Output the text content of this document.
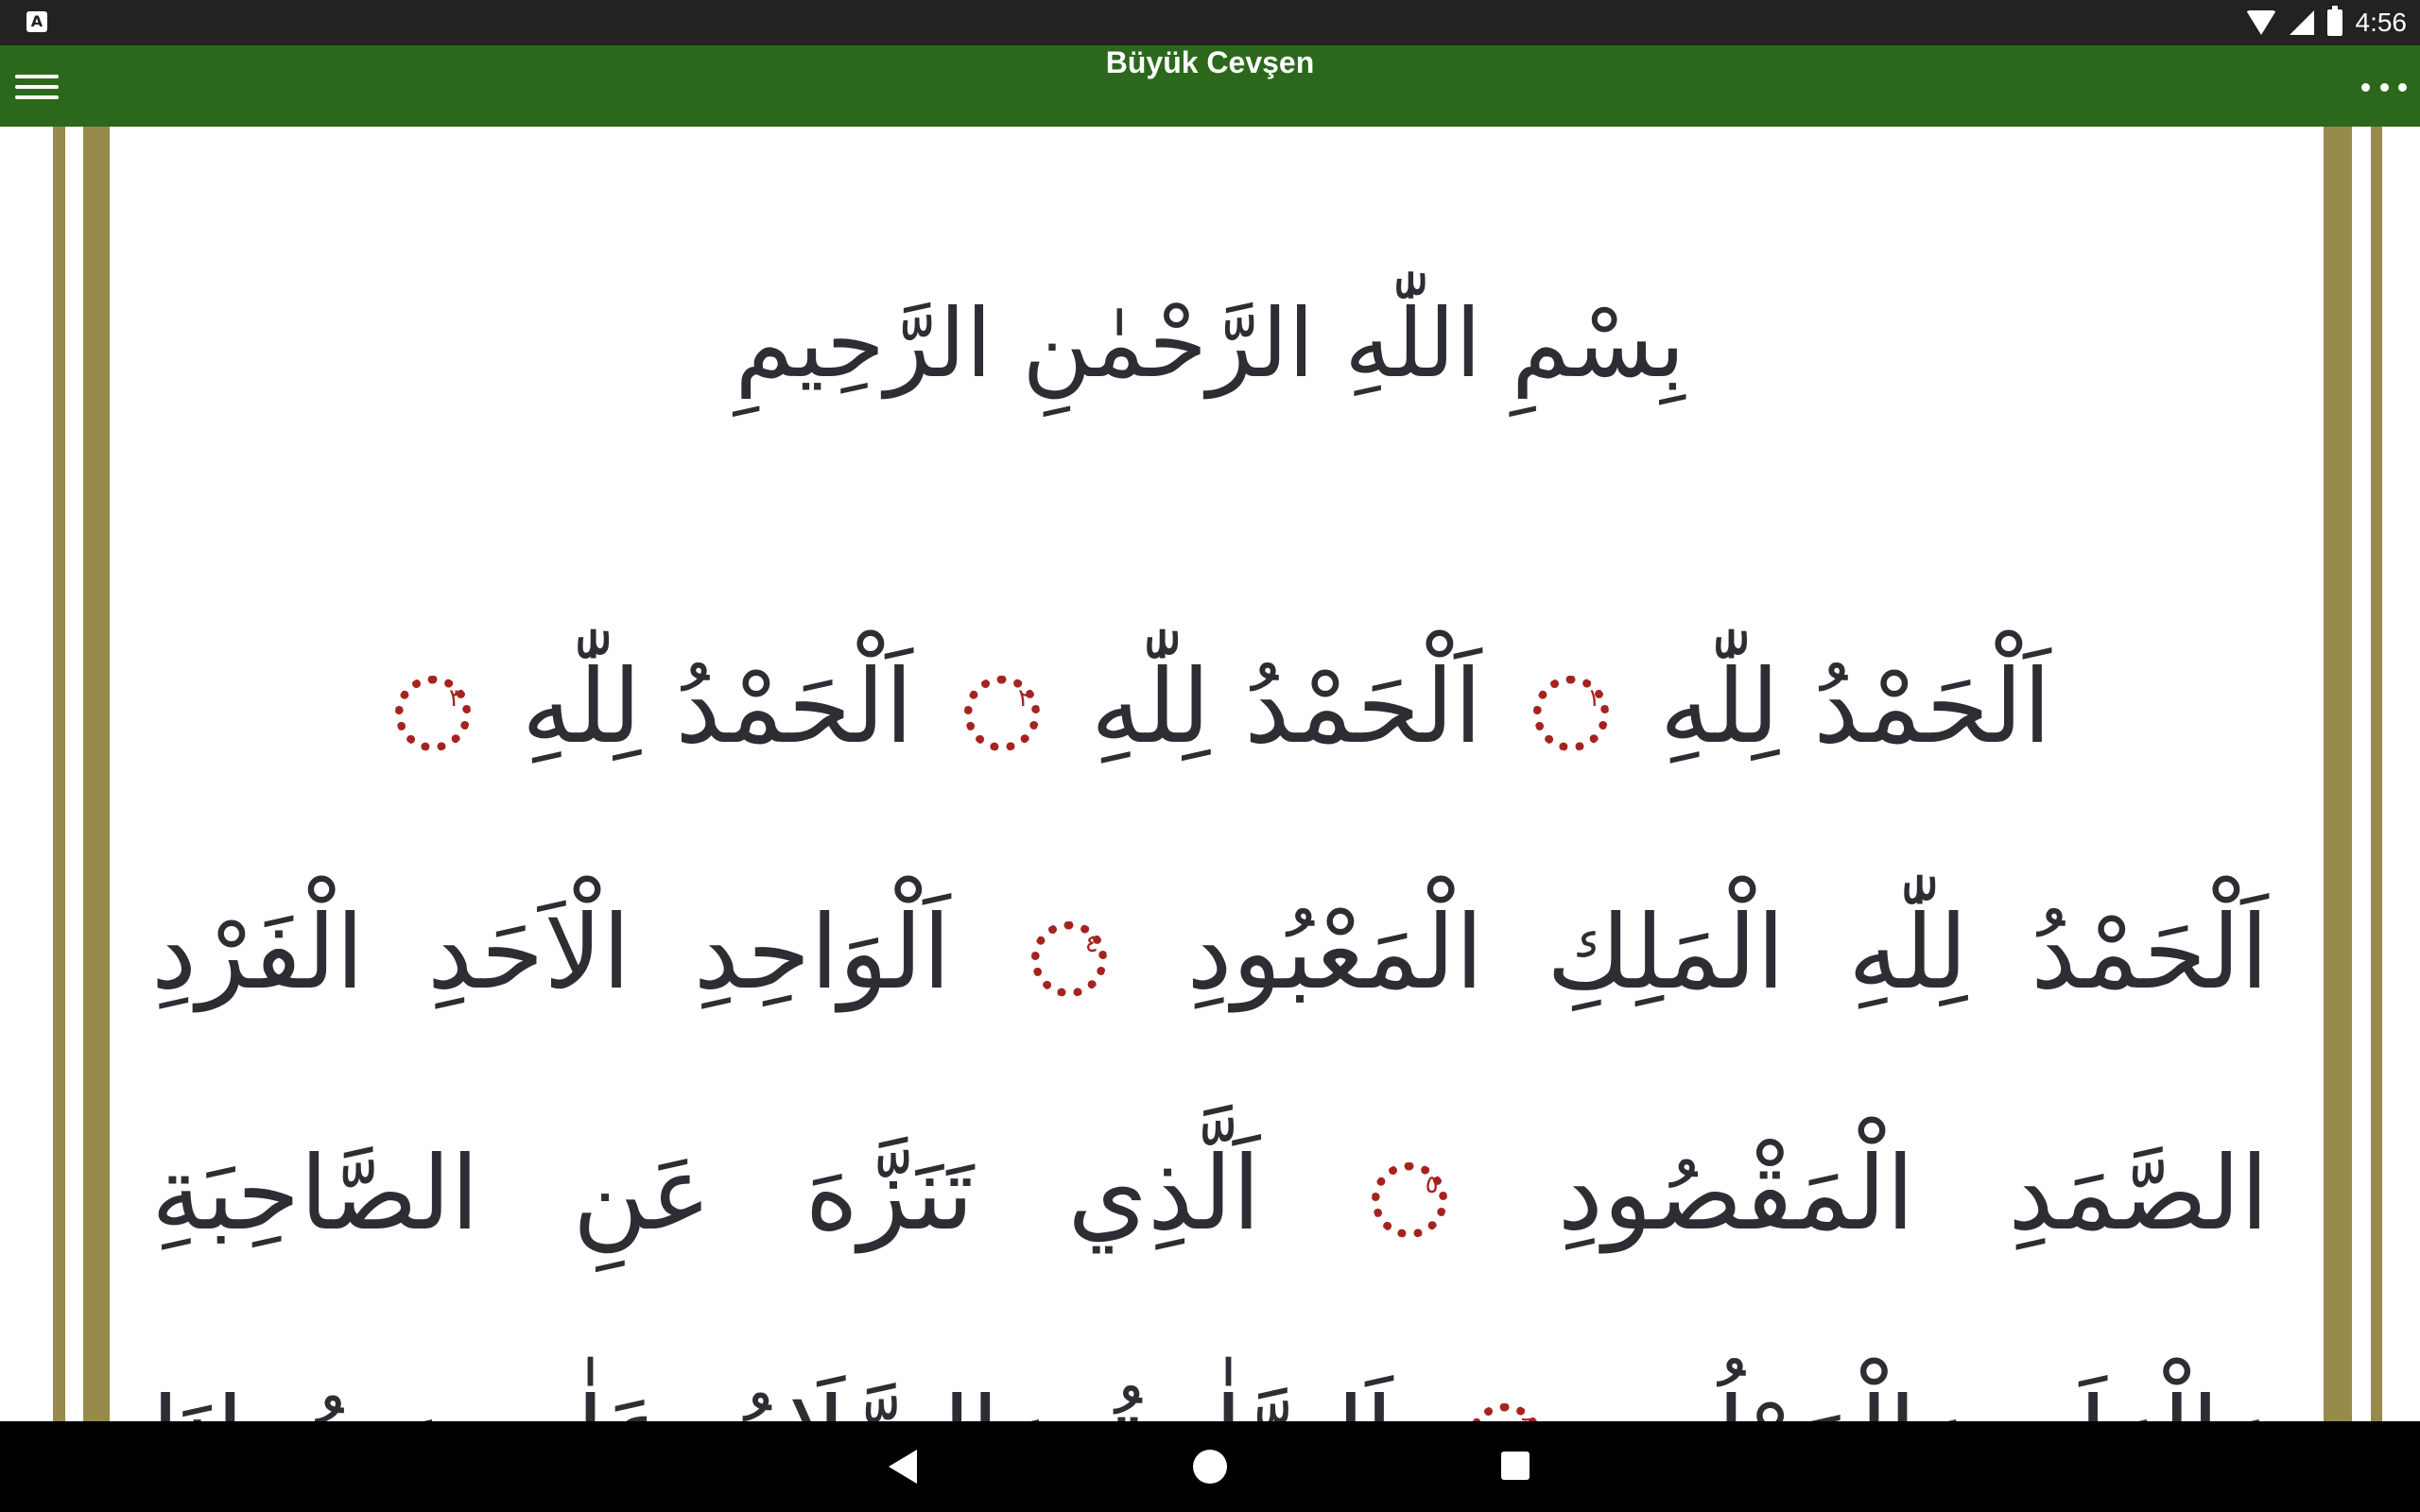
A	4:56
Büyük Cevşen
بِسْمِ اللّٰهِ الرَّحْمٰنِ الرَّحِيمِ
اَلْحَمْدُ لِلّٰهِ
١
اَلْحَمْدُ لِلّٰهِ
٢
اَلْحَمْدُ لِلّٰهِ
٣
اَلْحَمْدُ لِلّٰهِ الْمَلِكِ الْمَعْبُودِ
٤
اَلْوَاحِدِ الْاَحَدِ الْفَرْدِ
الصَّمَدِ الْمَقْصُودِ
٥
اَلَّذِي تَنَزَّهَ عَنِ الصَّاحِبَةِ
